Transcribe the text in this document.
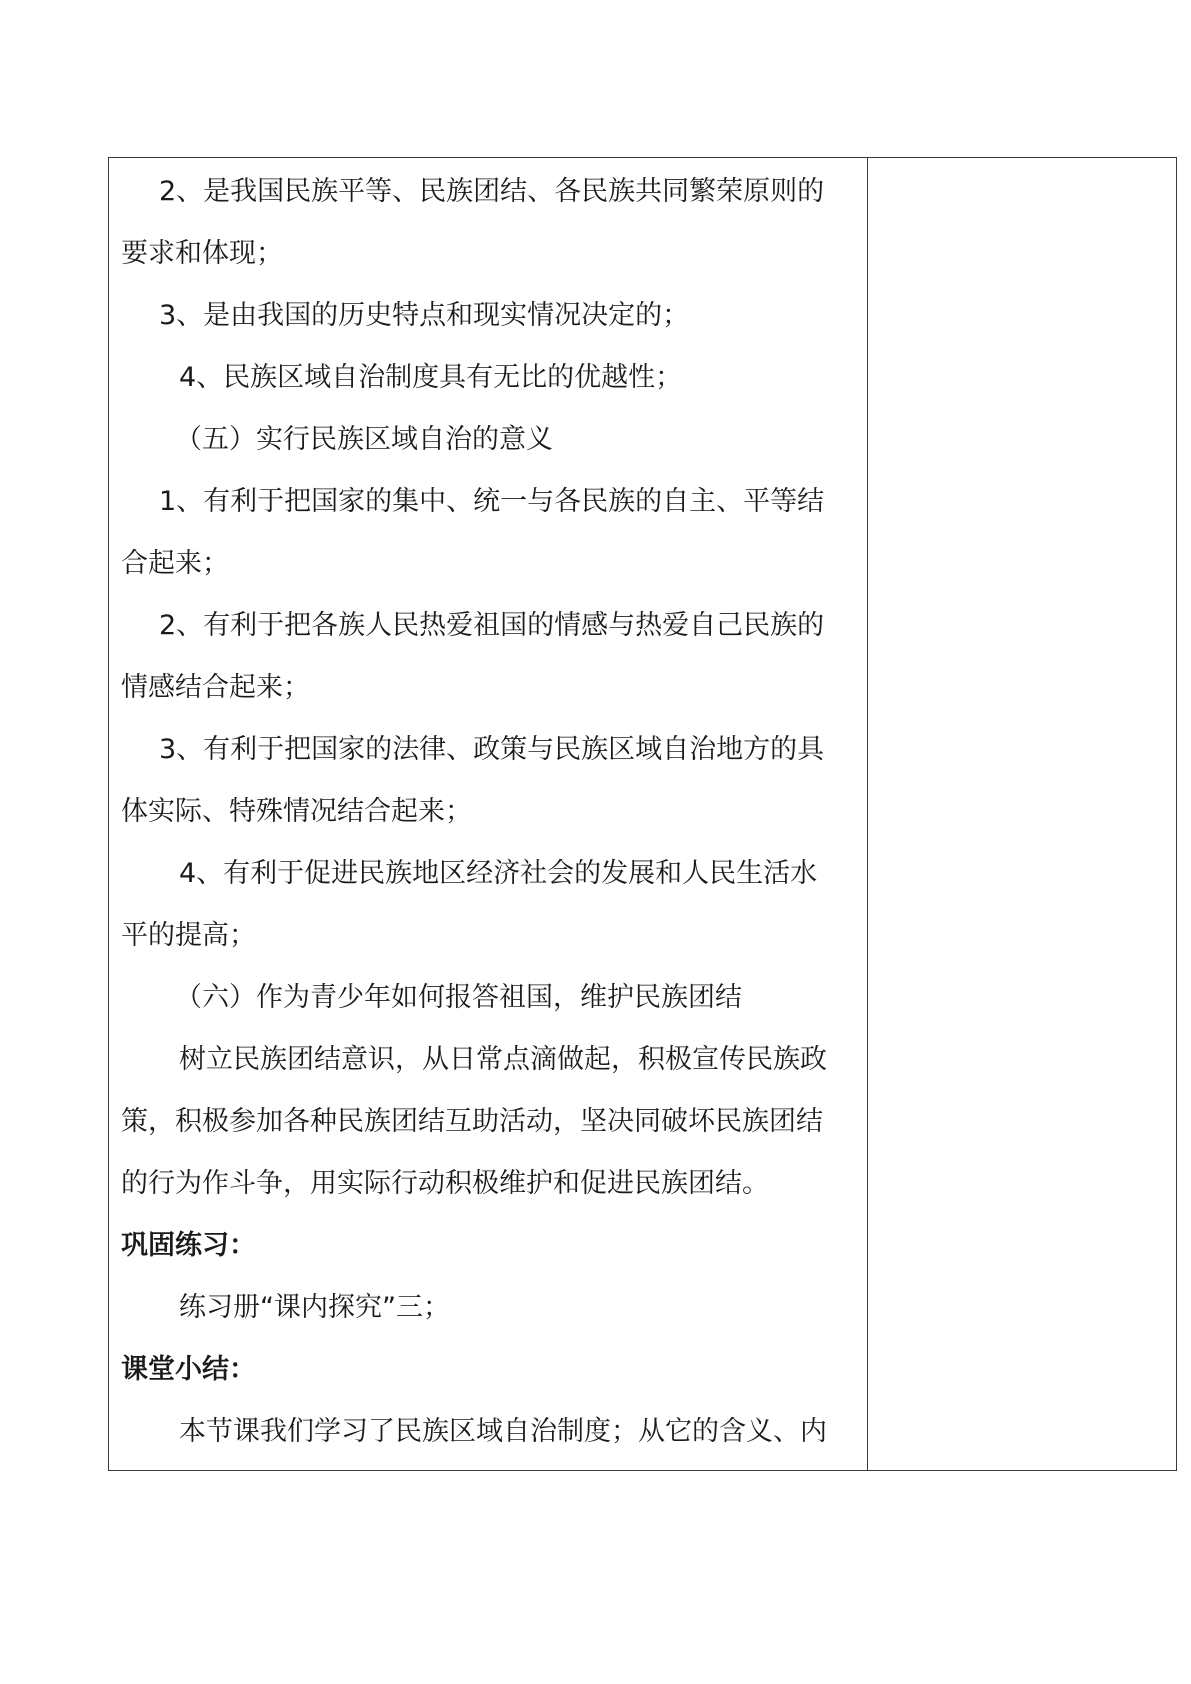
2、是我国民族平等、民族团结、各民族共同繁荣原则的
要求和体现；
3、是由我国的历史特点和现实情况决定的；
4、民族区域自治制度具有无比的优越性；
（五）实行民族区域自治的意义
1、有利于把国家的集中、统一与各民族的自主、平等结
合起来；
2、有利于把各族人民热爱祖国的情感与热爱自己民族的
情感结合起来；
3、有利于把国家的法律、政策与民族区域自治地方的具
体实际、特殊情况结合起来；
4、有利于促进民族地区经济社会的发展和人民生活水
平的提高；
（六）作为青少年如何报答祖国，维护民族团结
树立民族团结意识，从日常点滴做起，积极宣传民族政
策，积极参加各种民族团结互助活动，坚决同破坏民族团结
的行为作斗争，用实际行动积极维护和促进民族团结。
巩固练习：
练习册“课内探究”三；
课堂小结：
本节课我们学习了民族区域自治制度；从它的含义、内
